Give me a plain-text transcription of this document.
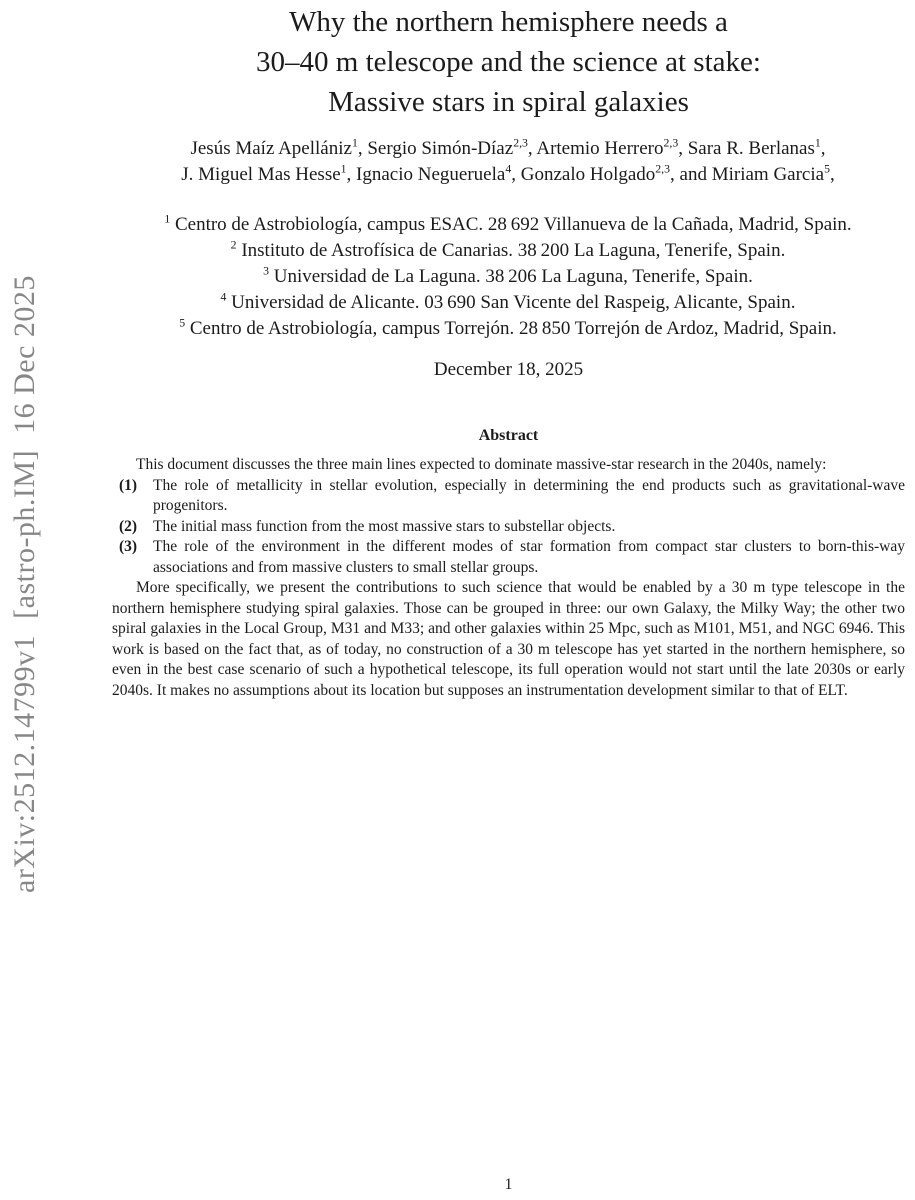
arXiv:2512.14799v1  [astro-ph.IM]  16 Dec 2025
Why the northern hemisphere needs a
30–40 m telescope and the science at stake:
Massive stars in spiral galaxies
Jesús Maíz Apellániz$^1$, Sergio Simón-Díaz$^{2,3}$, Artemio Herrero$^{2,3}$, Sara R. Berlanas$^1$,
J. Miguel Mas Hesse$^1$, Ignacio Negueruela$^4$, Gonzalo Holgado$^{2,3}$, and Miriam Garcia$^5$,
$^1$ Centro de Astrobiología, campus ESAC. 28 692 Villanueva de la Cañada, Madrid, Spain.
$^2$ Instituto de Astrofísica de Canarias. 38 200 La Laguna, Tenerife, Spain.
$^3$ Universidad de La Laguna. 38 206 La Laguna, Tenerife, Spain.
$^4$ Universidad de Alicante. 03 690 San Vicente del Raspeig, Alicante, Spain.
$^5$ Centro de Astrobiología, campus Torrejón. 28 850 Torrejón de Ardoz, Madrid, Spain.
December 18, 2025
Abstract

This document discusses the three main lines expected to dominate massive-star research in the 2040s, namely:

(1)	The role of metallicity in stellar evolution, especially in determining the end products such as gravitational-wave progenitors.
(2)	The initial mass function from the most massive stars to substellar objects.
(3)	The role of the environment in the different modes of star formation from compact star clusters to born-this-way associations and from massive clusters to small stellar groups.

More specifically, we present the contributions to such science that would be enabled by a 30 m type telescope in the northern hemisphere studying spiral galaxies. Those can be grouped in three: our own Galaxy, the Milky Way; the other two spiral galaxies in the Local Group, M31 and M33; and other galaxies within 25 Mpc, such as M101, M51, and NGC 6946. This work is based on the fact that, as of today, no construction of a 30 m telescope has yet started in the northern hemisphere, so even in the best case scenario of such a hypothetical telescope, its full operation would not start until the late 2030s or early 2040s. It makes no assumptions about its location but supposes an instrumentation development similar to that of ELT.

1
